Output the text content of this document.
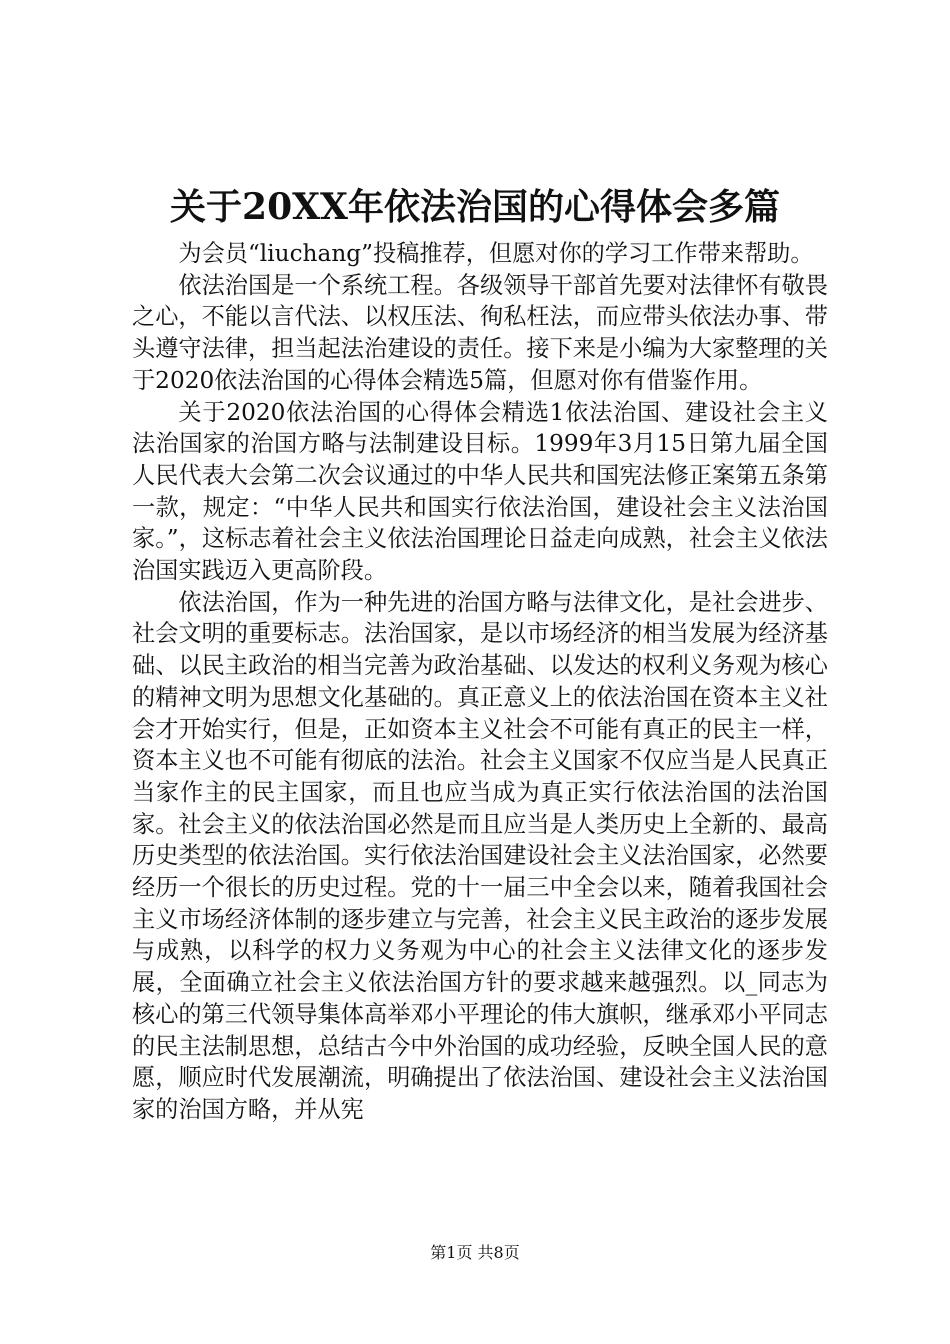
关于20XX年依法治国的心得体会多篇

为会员“liuchang”投稿推荐，但愿对你的学习工作带来帮助。

依法治国是一个系统工程。各级领导干部首先要对法律怀有敬畏之心，不能以言代法、以权压法、徇私枉法，而应带头依法办事、带头遵守法律，担当起法治建设的责任。接下来是小编为大家整理的关于2020依法治国的心得体会精选5篇，但愿对你有借鉴作用。

关于2020依法治国的心得体会精选1依法治国、建设社会主义法治国家的治国方略与法制建设目标。1999年3月15日第九届全国人民代表大会第二次会议通过的中华人民共和国宪法修正案第五条第一款，规定：“中华人民共和国实行依法治国，建设社会主义法治国家。”，这标志着社会主义依法治国理论日益走向成熟，社会主义依法治国实践迈入更高阶段。

依法治国，作为一种先进的治国方略与法律文化，是社会进步、社会文明的重要标志。法治国家，是以市场经济的相当发展为经济基础、以民主政治的相当完善为政治基础、以发达的权利义务观为核心的精神文明为思想文化基础的。真正意义上的依法治国在资本主义社会才开始实行，但是，正如资本主义社会不可能有真正的民主一样，资本主义也不可能有彻底的法治。社会主义国家不仅应当是人民真正当家作主的民主国家，而且也应当成为真正实行依法治国的法治国家。社会主义的依法治国必然是而且应当是人类历史上全新的、最高历史类型的依法治国。实行依法治国建设社会主义法治国家，必然要经历一个很长的历史过程。党的十一届三中全会以来，随着我国社会主义市场经济体制的逐步建立与完善，社会主义民主政治的逐步发展与成熟，以科学的权力义务观为中心的社会主义法律文化的逐步发展，全面确立社会主义依法治国方针的要求越来越强烈。以_同志为核心的第三代领导集体高举邓小平理论的伟大旗帜，继承邓小平同志的民主法制思想，总结古今中外治国的成功经验，反映全国人民的意愿，顺应时代发展潮流，明确提出了依法治国、建设社会主义法治国家的治国方略，并从宪

第1页 共8页
